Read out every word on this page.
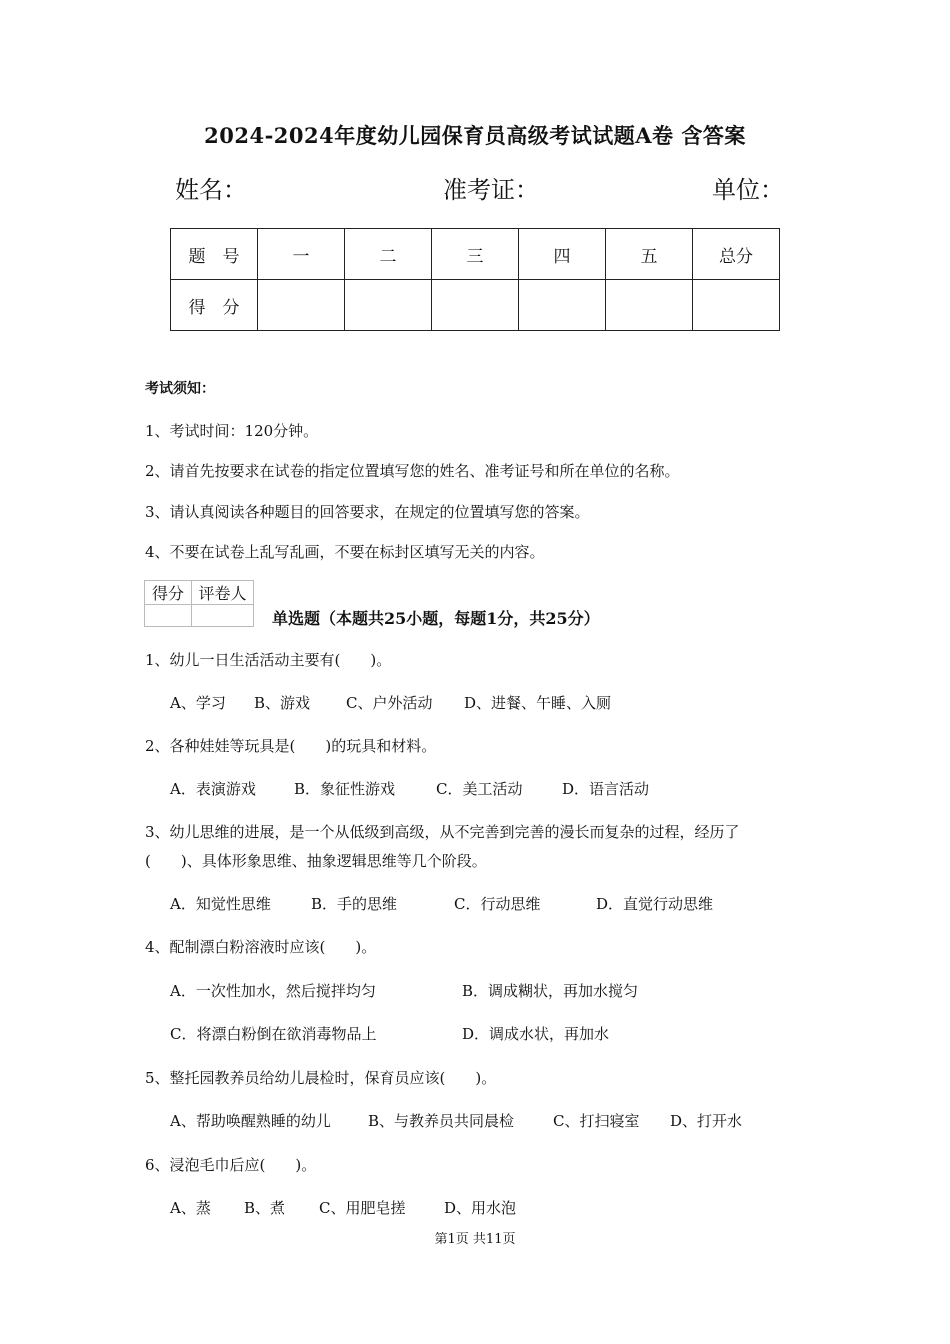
2024-2024年度幼儿园保育员高级考试试题A卷 含答案
姓名：	准考证：	单位：
题　号	一	二	三	四	五	总分
得　分						
考试须知：
1、考试时间：120分钟。
2、请首先按要求在试卷的指定位置填写您的姓名、准考证号和所在单位的名称。
3、请认真阅读各种题目的回答要求，在规定的位置填写您的答案。
4、不要在试卷上乱写乱画，不要在标封区填写无关的内容。
得分	评卷人

单选题（本题共25小题，每题1分，共25分）
1、幼儿一日生活活动主要有(　　)。
A、学习 B、游戏 C、户外活动 D、进餐、午睡、入厕
2、各种娃娃等玩具是(　　)的玩具和材料。
A．表演游戏	B．象征性游戏	C．美工活动	D．语言活动
3、幼儿思维的进展，是一个从低级到高级，从不完善到完善的漫长而复杂的过程，经历了
(　　)、具体形象思维、抽象逻辑思维等几个阶段。
A．知觉性思维	B．手的思维	C．行动思维	D．直觉行动思维
4、配制漂白粉溶液时应该(　　)。
A．一次性加水，然后搅拌均匀	B．调成糊状，再加水搅匀
C．将漂白粉倒在欲消毒物品上	D．调成水状，再加水
5、整托园教养员给幼儿晨检时，保育员应该(　　)。
A、帮助唤醒熟睡的幼儿 B、与教养员共同晨检	C、打扫寝室 D、打开水
6、浸泡毛巾后应(　　)。
A、蒸 B、煮 C、用肥皂搓	D、用水泡
第1页 共11页
